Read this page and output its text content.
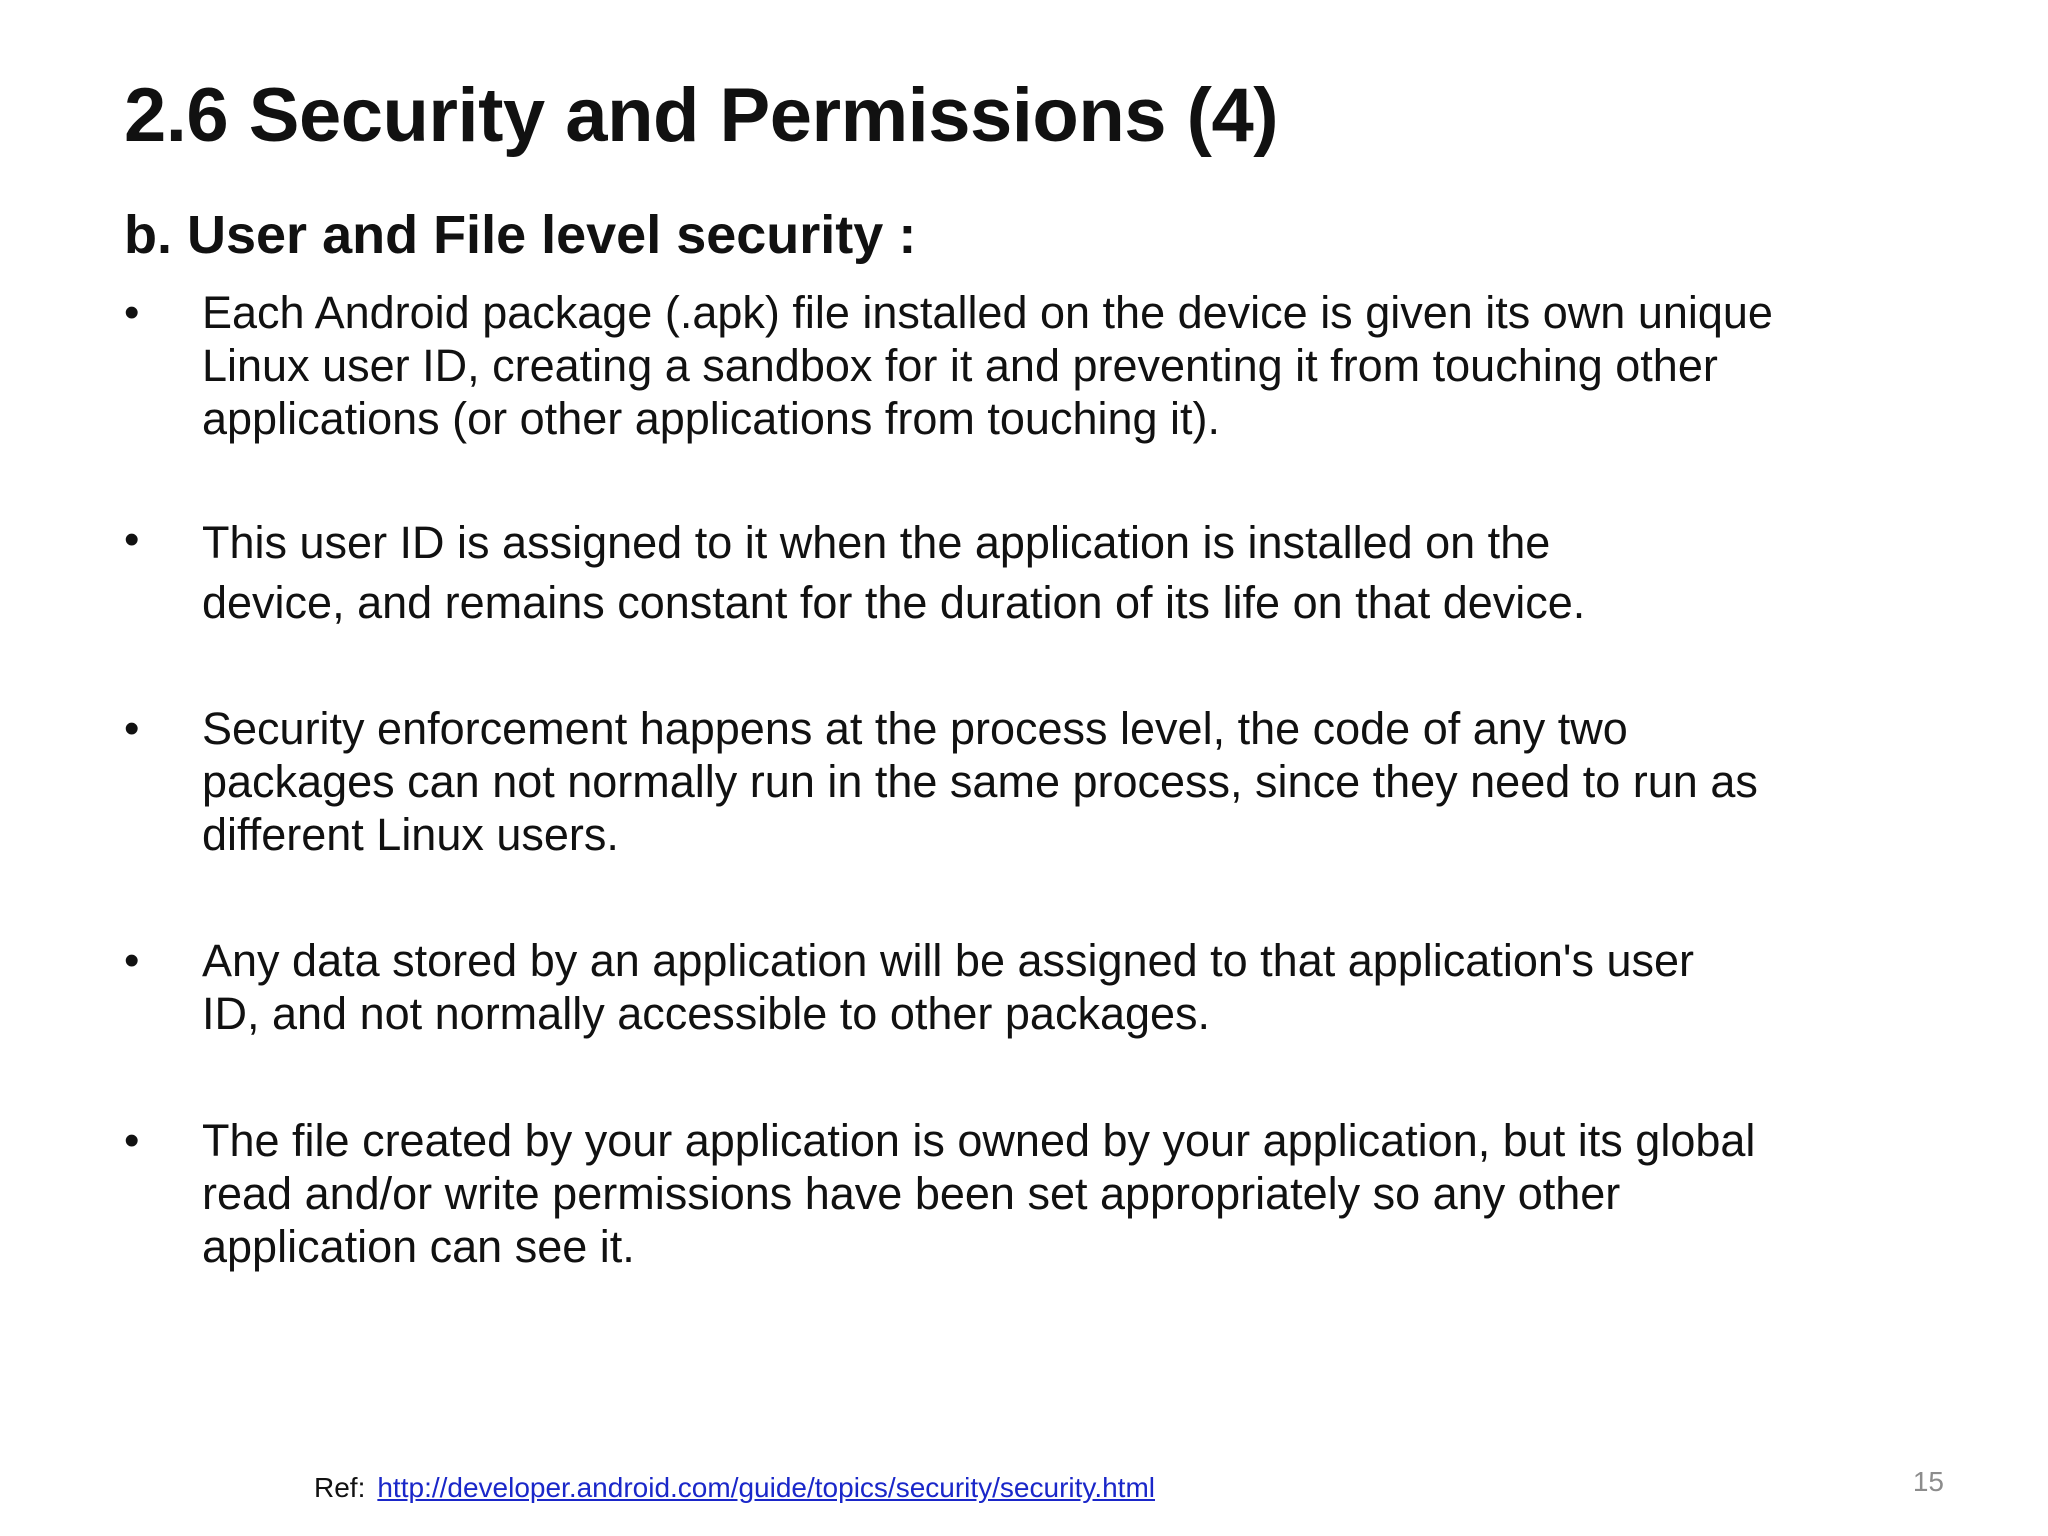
2.6 Security and Permissions (4)
b. User and File level security :
• Each Android package (.apk) file installed on the device is given its own unique
Linux user ID, creating a sandbox for it and preventing it from touching other
applications (or other applications from touching it).
• This user ID is assigned to it when the application is installed on the
device, and remains constant for the duration of its life on that device.
• Security enforcement happens at the process level, the code of any two
packages can not normally run in the same process, since they need to run as
different Linux users.
• Any data stored by an application will be assigned to that application's user
ID, and not normally accessible to other packages.
• The file created by your application is owned by your application, but its global
read and/or write permissions have been set appropriately so any other
application can see it.
Ref: http://developer.android.com/guide/topics/security/security.html	15
